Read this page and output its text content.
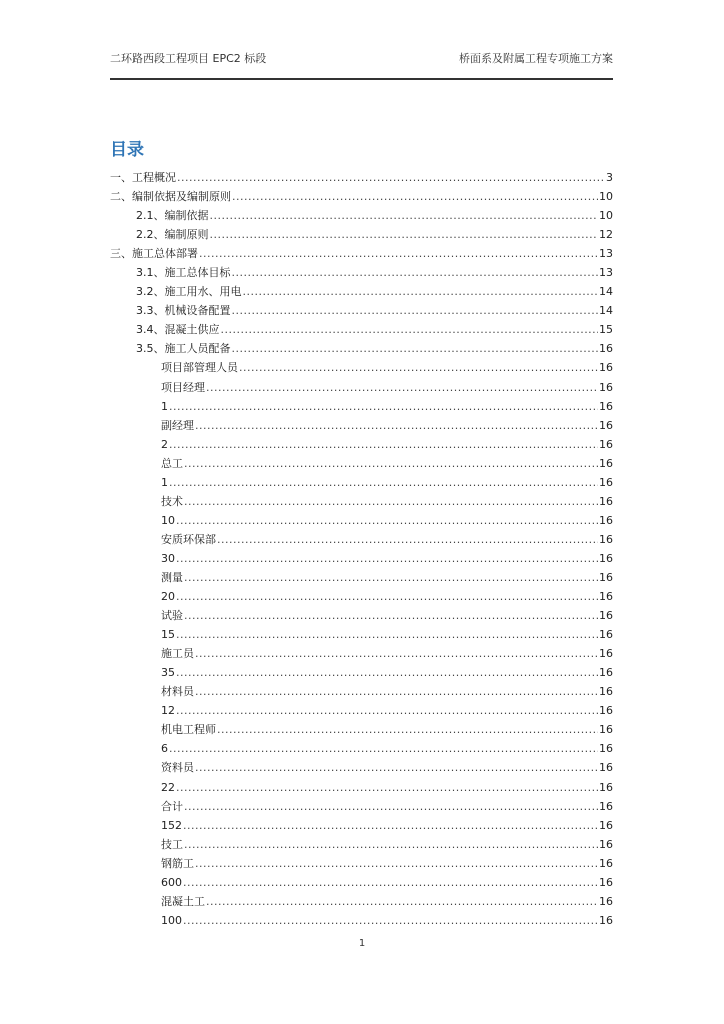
二环路西段工程项目 EPC2 标段	桥面系及附属工程专项施工方案
目录
一、工程概况 .....	3
二、编制依据及编制原则 .....	10
2.1、编制依据 .....	10
2.2、编制原则 .....	12
三、施工总体部署 .....	13
3.1、施工总体目标 .....	13
3.2、施工用水、用电 .....	14
3.3、机械设备配置 .....	14
3.4、混凝土供应 .....	15
3.5、施工人员配备 .....	16
项目部管理人员 .....	16
项目经理 .....	16
1 .....	16
副经理 .....	16
2 .....	16
总工 .....	16
1 .....	16
技术 .....	16
10 .....	16
安质环保部 .....	16
30 .....	16
测量 .....	16
20 .....	16
试验 .....	16
15 .....	16
施工员 .....	16
35 .....	16
材料员 .....	16
12 .....	16
机电工程师 .....	16
6 .....	16
资料员 .....	16
22 .....	16
合计 .....	16
152 .....	16
技工 .....	16
钢筋工 .....	16
600 .....	16
混凝土工 .....	16
100 .....	16
1
